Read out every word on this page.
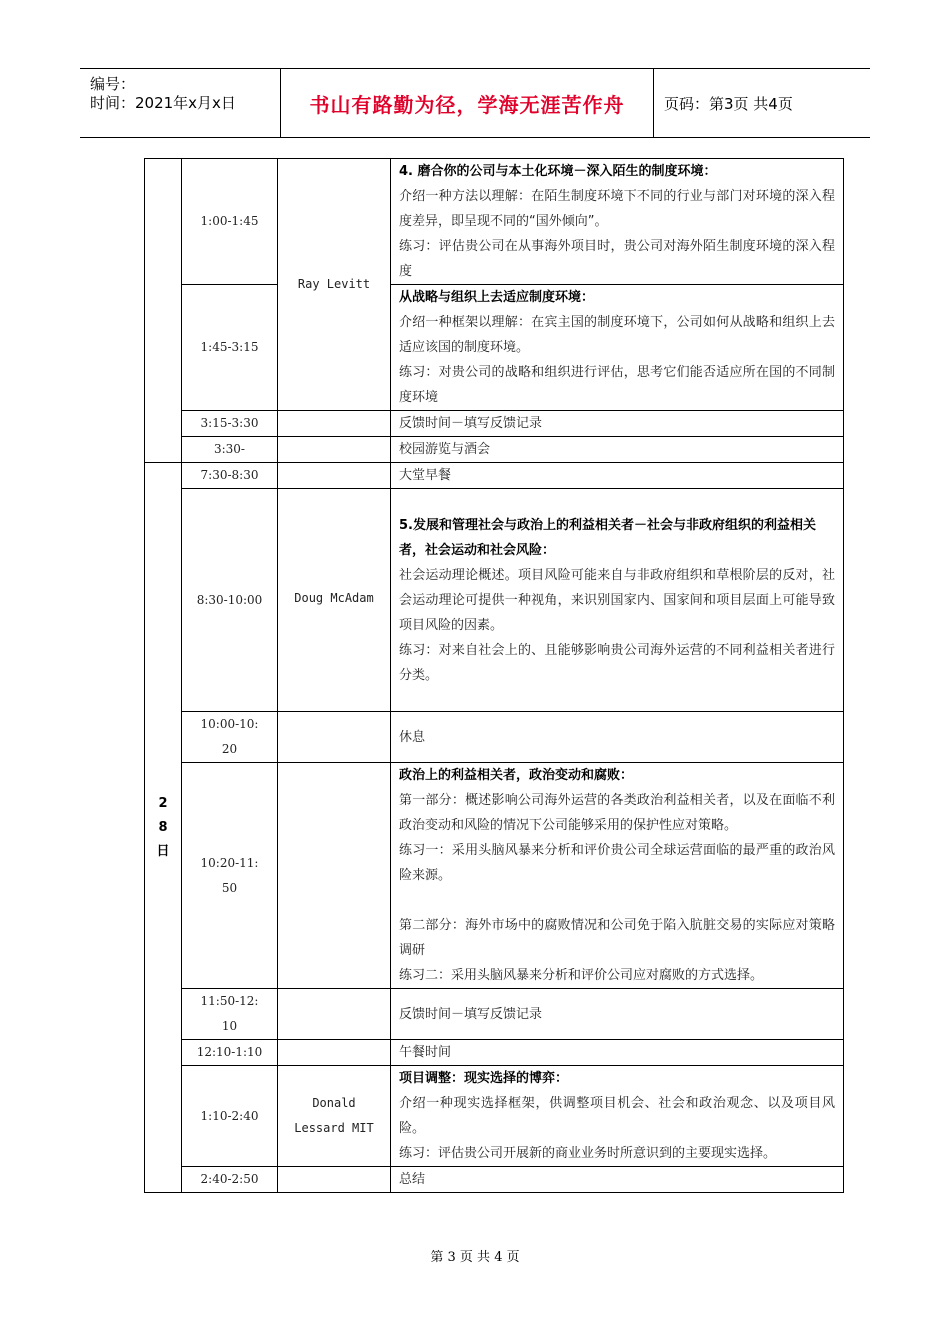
编号：
时间：2021年x月x日	书山有路勤为径，学海无涯苦作舟	页码：第3页 共4页
	1:00-1:45	Ray Levitt	4. 磨合你的公司与本土化环境－深入陌生的制度环境：

介绍一种方法以理解：在陌生制度环境下不同的行业与部门对环境的深入程度差异，即呈现不同的“国外倾向”。

练习：评估贵公司在从事海外项目时，贵公司对海外陌生制度环境的深入程度

	1:45-3:15		从战略与组织上去适应制度环境：

介绍一种框架以理解：在宾主国的制度环境下，公司如何从战略和组织上去适应该国的制度环境。

练习：对贵公司的战略和组织进行评估，思考它们能否适应所在国的不同制度环境

	3:15-3:30		反馈时间－填写反馈记录

	3:30-		校园游览与酒会

28日	7:30-8:30		大堂早餐

	8:30-10:00	Doug McAdam	5.发展和管理社会与政治上的利益相关者－社会与非政府组织的利益相关者，社会运动和社会风险：

社会运动理论概述。项目风险可能来自与非政府组织和草根阶层的反对，社会运动理论可提供一种视角，来识别国家内、国家间和项目层面上可能导致项目风险的因素。

练习：对来自社会上的、且能够影响贵公司海外运营的不同利益相关者进行分类。

	10:00-10:20		休息

	10:20-11:50		政治上的利益相关者，政治变动和腐败：

第一部分：概述影响公司海外运营的各类政治利益相关者，以及在面临不利政治变动和风险的情况下公司能够采用的保护性应对策略。

练习一：采用头脑风暴来分析和评价贵公司全球运营面临的最严重的政治风险来源。

第二部分：海外市场中的腐败情况和公司免于陷入肮脏交易的实际应对策略调研

练习二：采用头脑风暴来分析和评价公司应对腐败的方式选择。

	11:50-12:10		反馈时间－填写反馈记录

	12:10-1:10		午餐时间

	1:10-2:40	Donald Lessard MIT	项目调整：现实选择的博弈：

介绍一种现实选择框架，供调整项目机会、社会和政治观念、以及项目风险。

练习：评估贵公司开展新的商业业务时所意识到的主要现实选择。

	2:40-2:50		总结

第 3 页 共 4 页
